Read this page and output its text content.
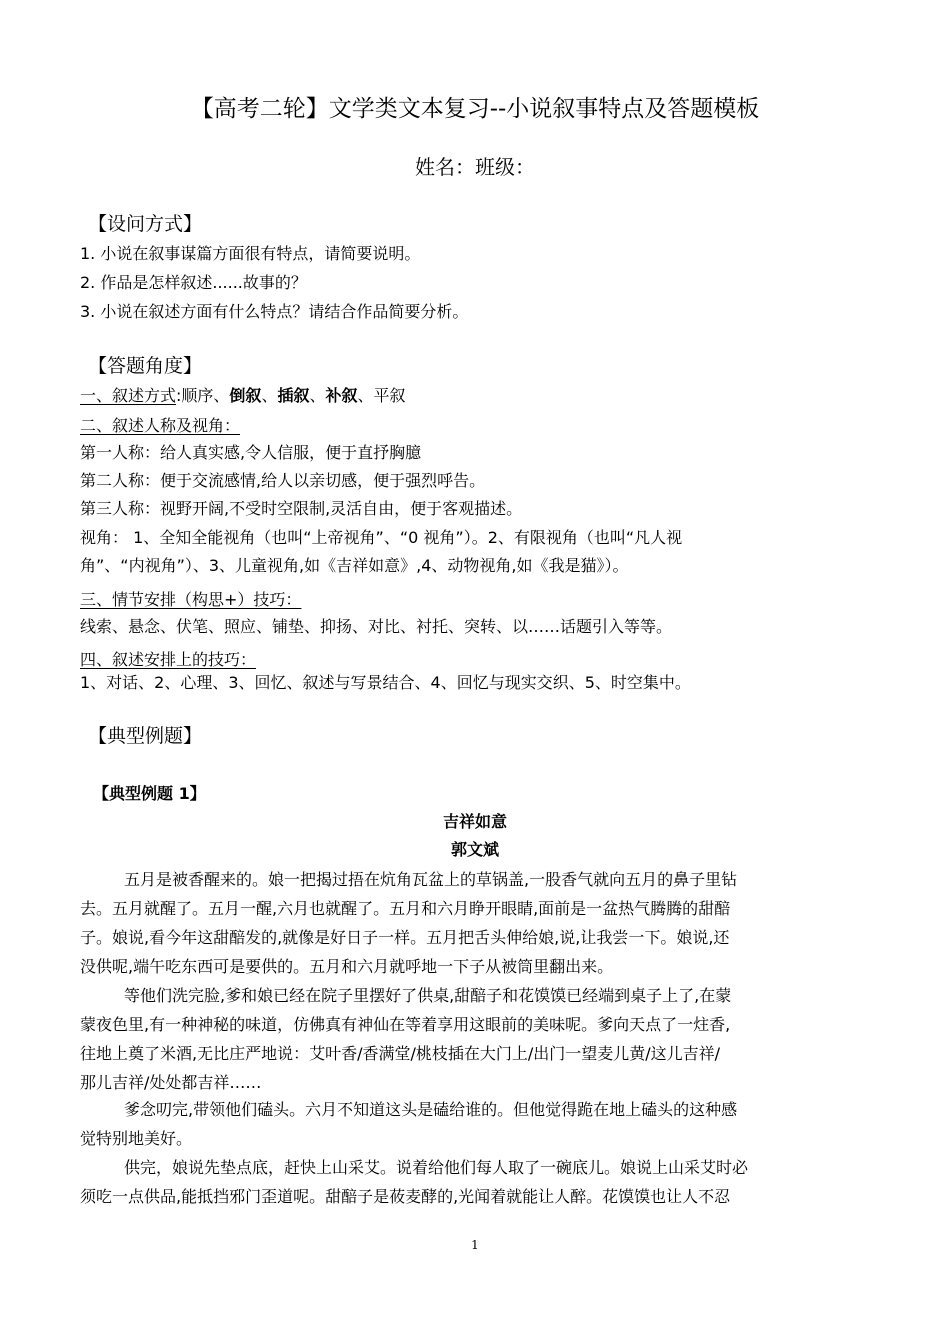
【高考二轮】文学类文本复习--小说叙事特点及答题模板
姓名：班级：
【设问方式】
1. 小说在叙事谋篇方面很有特点，请简要说明。
2. 作品是怎样叙述......故事的？
3. 小说在叙述方面有什么特点？请结合作品简要分析。
【答题角度】
一、叙述方式:顺序、倒叙、插叙、补叙、平叙
二、叙述人称及视角：
第一人称：给人真实感,令人信服，便于直抒胸臆
第二人称：便于交流感情,给人以亲切感，便于强烈呼告。
第三人称：视野开阔,不受时空限制,灵活自由，便于客观描述。
视角： 1、全知全能视角（也叫“上帝视角”、“0 视角”）。2、有限视角（也叫“凡人视
角”、“内视角”）、3、儿童视角,如《吉祥如意》,4、动物视角,如《我是猫》）。
三、情节安排（构思+）技巧：
线索、悬念、伏笔、照应、铺垫、抑扬、对比、衬托、突转、以……话题引入等等。
四、叙述安排上的技巧：
1、对话、2、心理、3、回忆、叙述与写景结合、4、回忆与现实交织、5、时空集中。
【典型例题】
【典型例题 1】
吉祥如意
郭文斌
五月是被香醒来的。娘一把揭过捂在炕角瓦盆上的草锅盖,一股香气就向五月的鼻子里钻
去。五月就醒了。五月一醒,六月也就醒了。五月和六月睁开眼睛,面前是一盆热气腾腾的甜醅
子。娘说,看今年这甜醅发的,就像是好日子一样。五月把舌头伸给娘,说,让我尝一下。娘说,还
没供呢,端午吃东西可是要供的。五月和六月就呼地一下子从被筒里翻出来。
等他们洗完脸,爹和娘已经在院子里摆好了供桌,甜醅子和花馍馍已经端到桌子上了,在蒙
蒙夜色里,有一种神秘的味道，仿佛真有神仙在等着享用这眼前的美味呢。爹向天点了一炷香,
往地上奠了米酒,无比庄严地说：艾叶香/香满堂/桃枝插在大门上/出门一望麦儿黄/这儿吉祥/
那儿吉祥/处处都吉祥……
爹念叨完,带领他们磕头。六月不知道这头是磕给谁的。但他觉得跪在地上磕头的这种感
觉特别地美好。
供完，娘说先垫点底，赶快上山采艾。说着给他们每人取了一碗底儿。娘说上山采艾时必
须吃一点供品,能抵挡邪门歪道呢。甜醅子是莜麦酵的,光闻着就能让人醉。花馍馍也让人不忍
1
